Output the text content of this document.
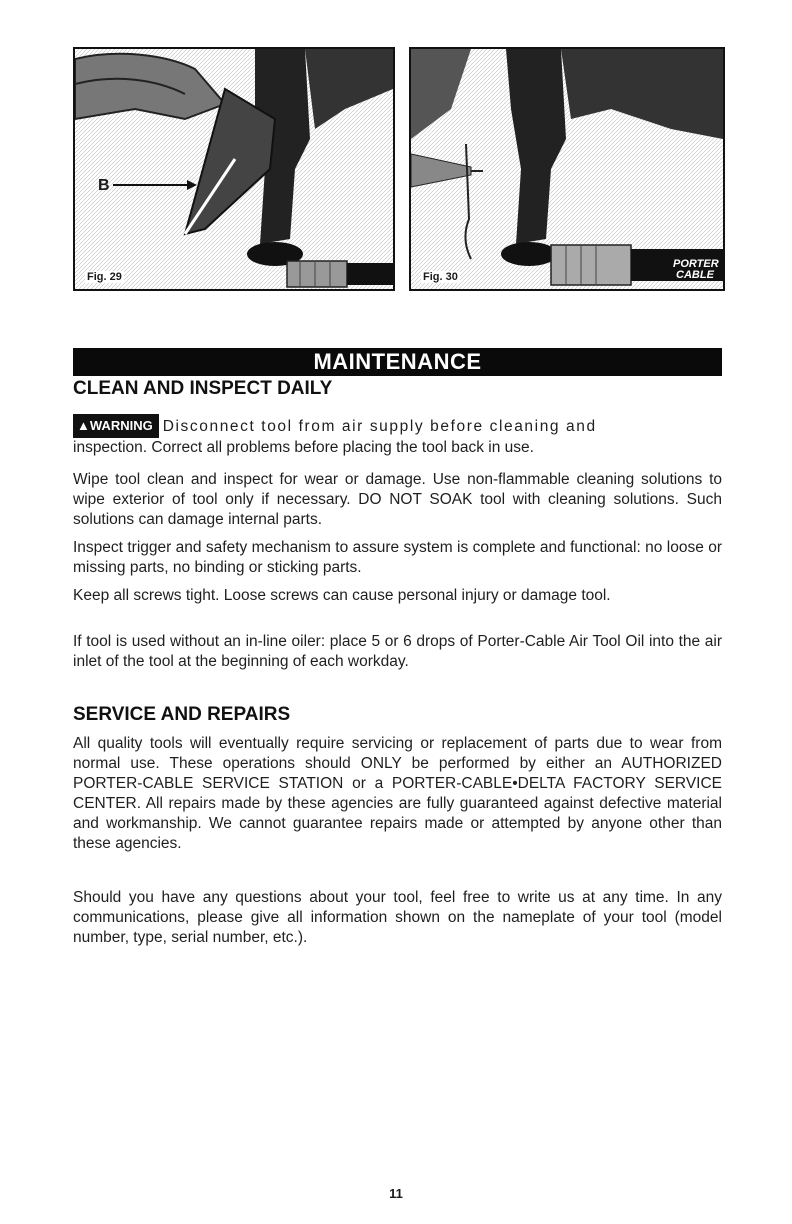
B
Fig. 29
PORTER CABLE
Fig. 30
MAINTENANCE
CLEAN AND INSPECT DAILY
▲WARNING Disconnect tool from air supply before cleaning and
inspection. Correct all problems before placing the tool back in use.
Wipe tool clean and inspect for wear or damage. Use non-flammable cleaning solutions to wipe exterior of tool only if necessary. DO NOT SOAK tool with cleaning solutions. Such solutions can damage internal parts.
Inspect trigger and safety mechanism to assure system is complete and functional: no loose or missing parts, no binding or sticking parts.
Keep all screws tight. Loose screws can cause personal injury or damage tool.
If tool is used without an in-line oiler: place 5 or 6 drops of Porter-Cable Air Tool Oil into the air inlet of the tool at the beginning of each workday.
SERVICE AND REPAIRS
All quality tools will eventually require servicing or replacement of parts due to wear from normal use. These operations should ONLY be performed by either an AUTHORIZED PORTER-CABLE SERVICE STATION or a PORTER-CABLE•DELTA FACTORY SERVICE CENTER. All repairs made by these agencies are fully guaranteed against defective material and workmanship. We cannot guarantee repairs made or attempted by anyone other than these agencies.
Should you have any questions about your tool, feel free to write us at any time. In any communications, please give all information shown on the nameplate of your tool (model number, type, serial number, etc.).
11
